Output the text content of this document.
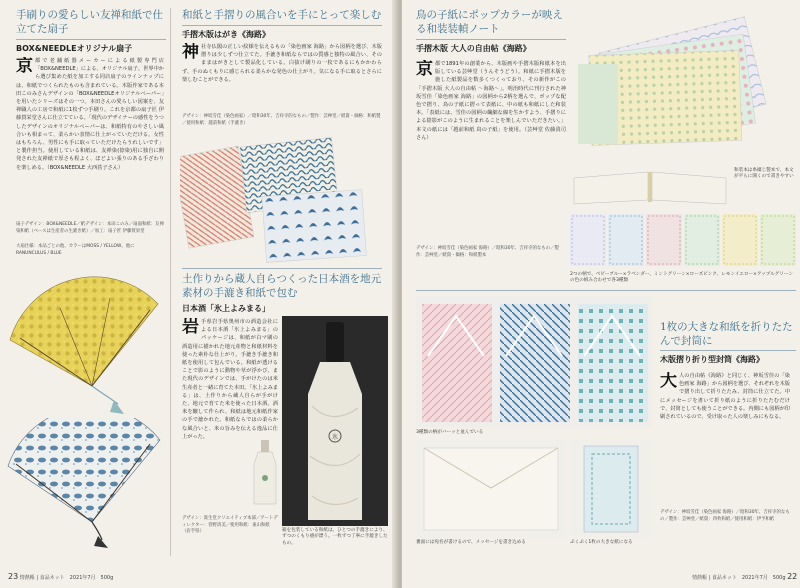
手刷りの愛らしい友禅和紙で仕立てた扇子
BOX&NEEDLEオリジナル扇子
京 都で老舗紙器メーカーによる紙製専門店「BOX&NEEDLE」による、オリジナル扇子。世界中から選び集めた紙を加工する同店扇子のラインナップには、和紙でつくられたものも含まれている。木版作家である本田このみさんデザインの「BOX&NEEDLEオリジナルペーパー」を用いたシリーズはその一つ。本田さんの愛らしい図案を、友禅職人の工房で和紙に1枚ずつ手刷り。これを京都の扇子匠 伊藤賀栄堂さんに仕立てている。「現代のデザイナーの感性をうつしたデザインのオリジナルペーパーは、和紙特有のやさしい風合いも相まって、柔らかい表情に仕上がっていただける。女性はもちろん、男性にも手に取っていただけたらうれしいです」と製作担当。使用している和紙は、友禅染(捺染)用に独自に開発された友禅紙で厚さも程よく、ほどよい張りのある手ざわりを楽しめる。（BOX&NEEDLE 大西菖子さん）
扇子デザイン：BOX&NEEDLE／紙デザイン：本田このみ／扇面和紙：友禅染和紙（ベースは生産者の生漉き紙）／加工：扇子匠 伊藤賀栄堂
大扇仕様：本品ごとの他、カラーはMOSS / YELLOW、他にRANUNCULUS / BLUE
和紙と手摺りの風合いを手にとって楽しむ
手摺木版はがき《海路》
神 社寺仏閣の正しい紋様を伝えるもの「染色画家 海路」から図柄を選び、木版摺りは少しずつ仕立てた。手漉き和紙ならではの質感と独特の風合い、そのままはがきとして製品化している。白抜け刷りの一枚であるにもかかわらず、手のぬくもりに感じられる柔らかな発色の仕上がり。気になる手に取るとさらに楽しむことができる。
デザイン：神坂雪佳（染色画家）／昭和30年、吉祥寺的なもの／製作：芸艸堂／紙資・価格：和紙製／使用和紙：越前和紙（手漉き）
土作りから蔵人自らつくった日本酒を地元素材の手漉き和紙で包む
日本酒「氷上よみまる」
岩 手県岩手県奥州市の酒造会社による日本酒「氷上よみまる」のパッケージは、和紙が白マ刷の酒造用に描かれた地元産物と和紙材料を使った素朴な仕上がり。手漉き手漉き和紙を使用して包んでいる。和紙が透けることで影のように動物や草が浮かび、また現代のデザインでは、手がけたのは米生産者と一緒に育てた本田。「氷上よみまる」は、土作りから蔵人自らが手がけた、地元で育てた米を使った日本酒。酒米を醸して作られ、和紙は地元和紙作家の手で漉かれた。和紙ならではの柔らかな風合いと、米の旨みを伝える逸品に仕上がった。
デザイン：貴生堂クリエイティブ本部／アートディレクター：菅野清美／使用和紙：東山和紙（岩手県）
氷
箱を包装している和紙は、ひとつの手漉きにより、ずつのくもり感が漂う。一枚ずつ丁寧に手漉きしたもの。
23 情熱帳 | 食品ネット　2021年7月　500g
鳥の子紙にポップカラーが映える和装装幀ノート
手摺木版 大人の自由帖《海路》
京 都で1891年の創業から、木版画や手摺木版和紙本を出版している芸艸堂（うんそうどう）。和紙に手摺木版を施した紙製品を数多くつくっており、その新作がこの「手摺木版 大人の自由帖 ～海路～」。明治時代に刊行された神坂雪佳「染色画家 海路」の図柄から2柄を選んで、ポップな配色で摺り、鳥の子紙に摺って表紙に、中の紙も和紙にした和装本。「表紙には、雪佳の図柄の繊細な線を生かすよう、手摺りによる陰影がこのように生まれることを楽しんでいただきたい。」本文の紙には「越前和紙 鳥の子紙」を使用。（芸艸堂 佐藤貴司さん）
デザイン：神坂雪佳（染色画家 海路）／昭和30年、吉祥寺的なもの／製作：芸艸堂／紙資・価格：和紙製本
和装本は糸綴じ製本で、本文が平らに開くので書きやすい
2つの柄で、ベビーブルー×ラベンダー、ミントグリーン×ローズピンク、レモンイエロー×アップルグリーンの色の組み合わせで各3種類
3種類の柄がバーッと並んでいる
裏面には宛名が書けるので、メッセージを書き込める	ぷくぷく1枚の大きな紙になる
1枚の大きな和紙を折りたたんで封筒に
木版摺り折り型封筒《海路》
大 人の自由帖《海路》と同じく、神坂雪佳の「染色画家 海路」から図柄を選び、それぞれを木版で摺り出して折りたたみ、封筒に仕立てた。中にメッセージを書いて折り紙のように折りたたむだけで、封筒としても使うことができる。内側にも図柄が印刷されているので、受け取った人の楽しみにもなる。
デザイン：神坂雪佳（染色画家 海路）／昭和30年、吉祥寺的なもの／製作：芸艸堂／紙資：四枚和紙／使用和紙：伊予和紙
情熱帳 | 食品ネット　2021年7月　500g 22
